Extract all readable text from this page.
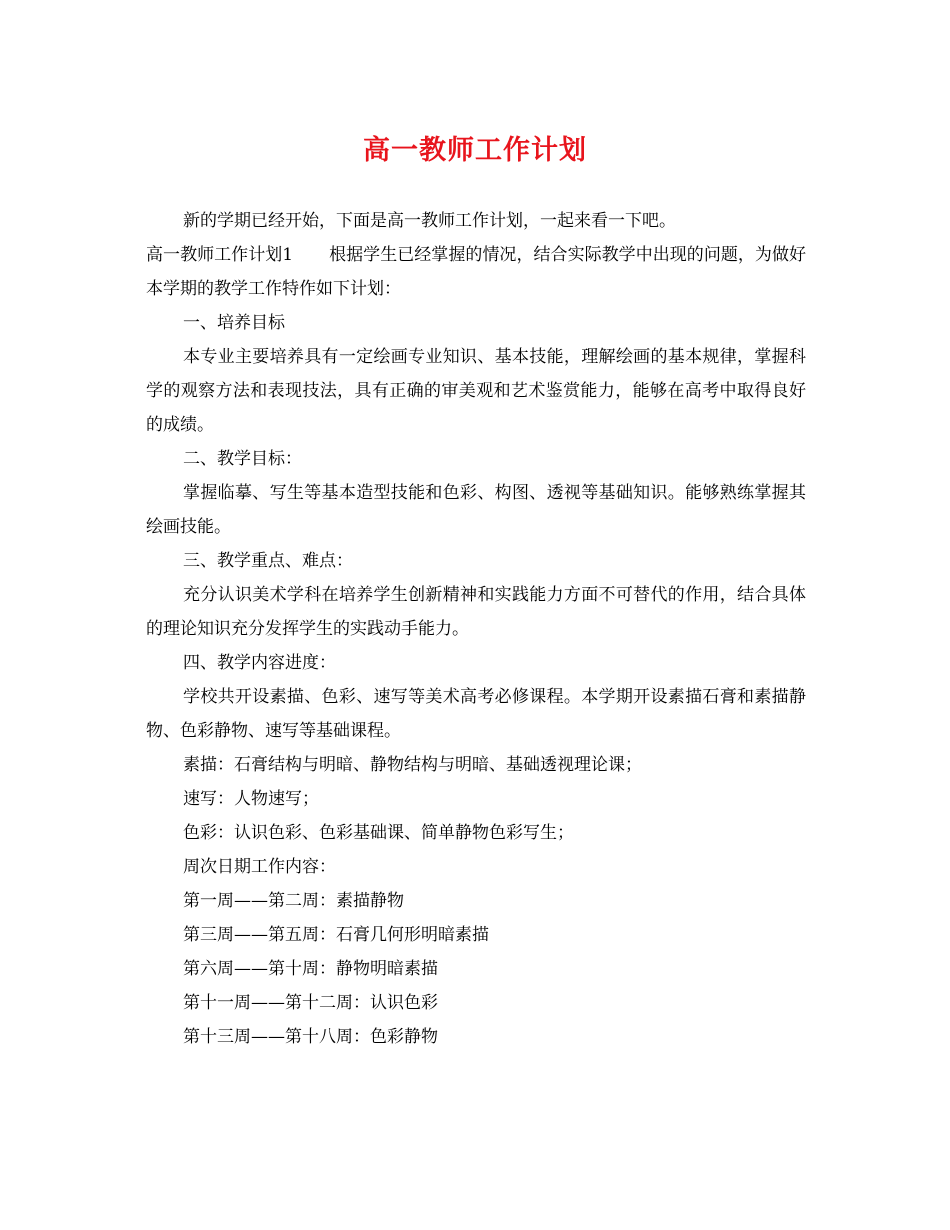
高一教师工作计划

新的学期已经开始，下面是高一教师工作计划，一起来看一下吧。

高一教师工作计划1 根据学生已经掌握的情况，结合实际教学中出现的问题，为做好本学期的教学工作特作如下计划：

一、培养目标

本专业主要培养具有一定绘画专业知识、基本技能，理解绘画的基本规律，掌握科学的观察方法和表现技法，具有正确的审美观和艺术鉴赏能力，能够在高考中取得良好的成绩。

二、教学目标：

掌握临摹、写生等基本造型技能和色彩、构图、透视等基础知识。能够熟练掌握其绘画技能。

三、教学重点、难点：

充分认识美术学科在培养学生创新精神和实践能力方面不可替代的作用，结合具体的理论知识充分发挥学生的实践动手能力。

四、教学内容进度：

学校共开设素描、色彩、速写等美术高考必修课程。本学期开设素描石膏和素描静物、色彩静物、速写等基础课程。

素描：石膏结构与明暗、静物结构与明暗、基础透视理论课；

速写：人物速写；

色彩：认识色彩、色彩基础课、简单静物色彩写生；

周次日期工作内容：

第一周——第二周：素描静物

第三周——第五周：石膏几何形明暗素描

第六周——第十周：静物明暗素描

第十一周——第十二周：认识色彩

第十三周——第十八周：色彩静物
